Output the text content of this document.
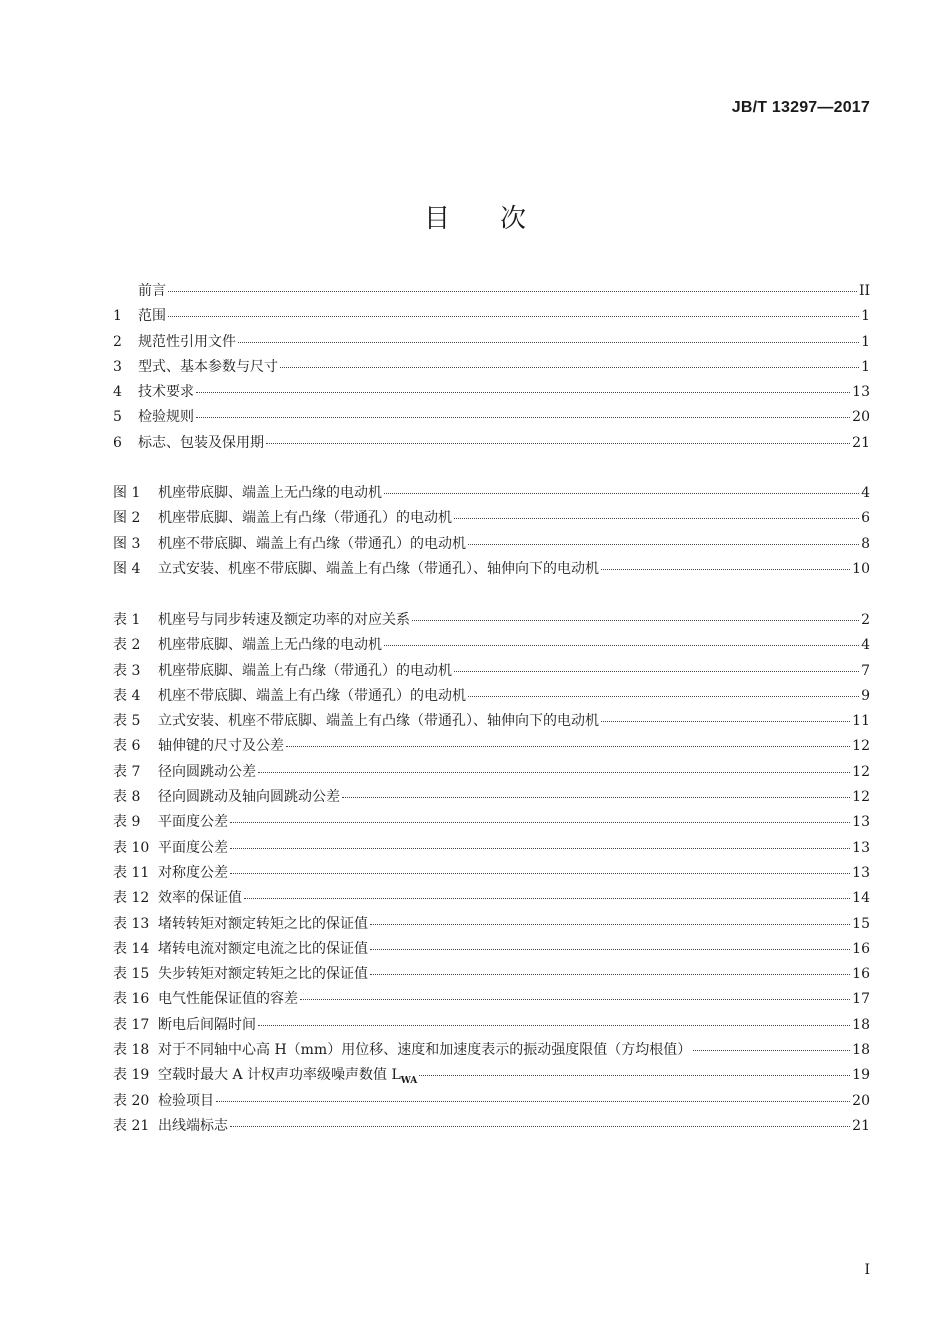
JB/T 13297—2017
目次
前言	II
1	范围	1
2	规范性引用文件	1
3	型式、基本参数与尺寸	1
4	技术要求	13
5	检验规则	20
6	标志、包装及保用期	21
图 1	机座带底脚、端盖上无凸缘的电动机	4
图 2	机座带底脚、端盖上有凸缘（带通孔）的电动机	6
图 3	机座不带底脚、端盖上有凸缘（带通孔）的电动机	8
图 4	立式安装、机座不带底脚、端盖上有凸缘（带通孔）、轴伸向下的电动机	10
表 1	机座号与同步转速及额定功率的对应关系	2
表 2	机座带底脚、端盖上无凸缘的电动机	4
表 3	机座带底脚、端盖上有凸缘（带通孔）的电动机	7
表 4	机座不带底脚、端盖上有凸缘（带通孔）的电动机	9
表 5	立式安装、机座不带底脚、端盖上有凸缘（带通孔）、轴伸向下的电动机	11
表 6	轴伸键的尺寸及公差	12
表 7	径向圆跳动公差	12
表 8	径向圆跳动及轴向圆跳动公差	12
表 9	平面度公差	13
表 10 平面度公差	13
表 11 对称度公差	13
表 12 效率的保证值	14
表 13 堵转转矩对额定转矩之比的保证值	15
表 14 堵转电流对额定电流之比的保证值	16
表 15 失步转矩对额定转矩之比的保证值	16
表 16 电气性能保证值的容差	17
表 17 断电后间隔时间	18
表 18 对于不同轴中心高 H（mm）用位移、速度和加速度表示的振动强度限值（方均根值）	18
表 19 空载时最大 A 计权声功率级噪声数值 $L_{WA}$	19
表 20 检验项目	20
表 21 出线端标志	21
I
